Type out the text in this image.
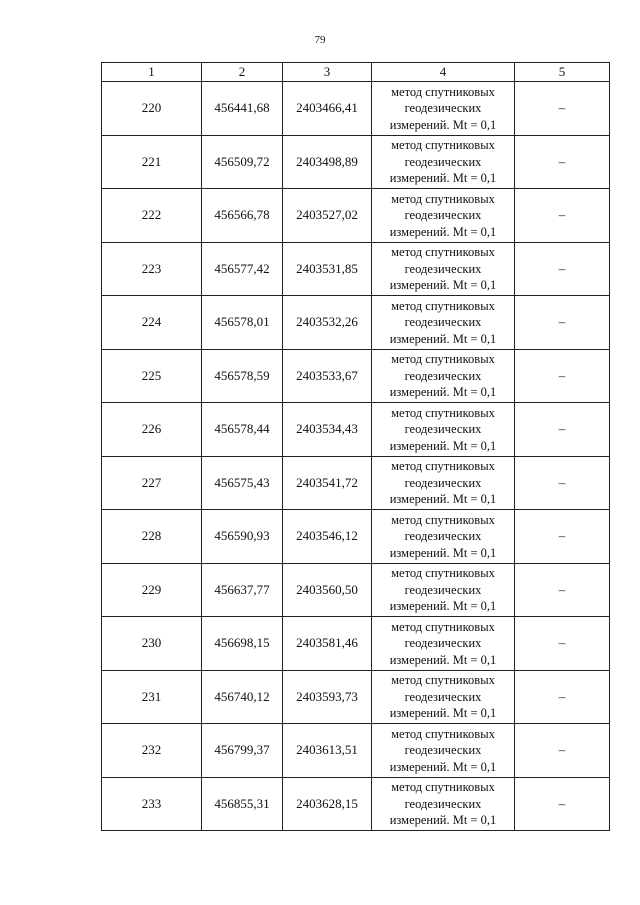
79
1	2	3	4	5
220	456441,68	2403466,41	метод спутниковых
геодезических
измерений. Mt = 0,1	–
221	456509,72	2403498,89	метод спутниковых
геодезических
измерений. Mt = 0,1	–
222	456566,78	2403527,02	метод спутниковых
геодезических
измерений. Mt = 0,1	–
223	456577,42	2403531,85	метод спутниковых
геодезических
измерений. Mt = 0,1	–
224	456578,01	2403532,26	метод спутниковых
геодезических
измерений. Mt = 0,1	–
225	456578,59	2403533,67	метод спутниковых
геодезических
измерений. Mt = 0,1	–
226	456578,44	2403534,43	метод спутниковых
геодезических
измерений. Mt = 0,1	–
227	456575,43	2403541,72	метод спутниковых
геодезических
измерений. Mt = 0,1	–
228	456590,93	2403546,12	метод спутниковых
геодезических
измерений. Mt = 0,1	–
229	456637,77	2403560,50	метод спутниковых
геодезических
измерений. Mt = 0,1	–
230	456698,15	2403581,46	метод спутниковых
геодезических
измерений. Mt = 0,1	–
231	456740,12	2403593,73	метод спутниковых
геодезических
измерений. Mt = 0,1	–
232	456799,37	2403613,51	метод спутниковых
геодезических
измерений. Mt = 0,1	–
233	456855,31	2403628,15	метод спутниковых
геодезических
измерений. Mt = 0,1	–
